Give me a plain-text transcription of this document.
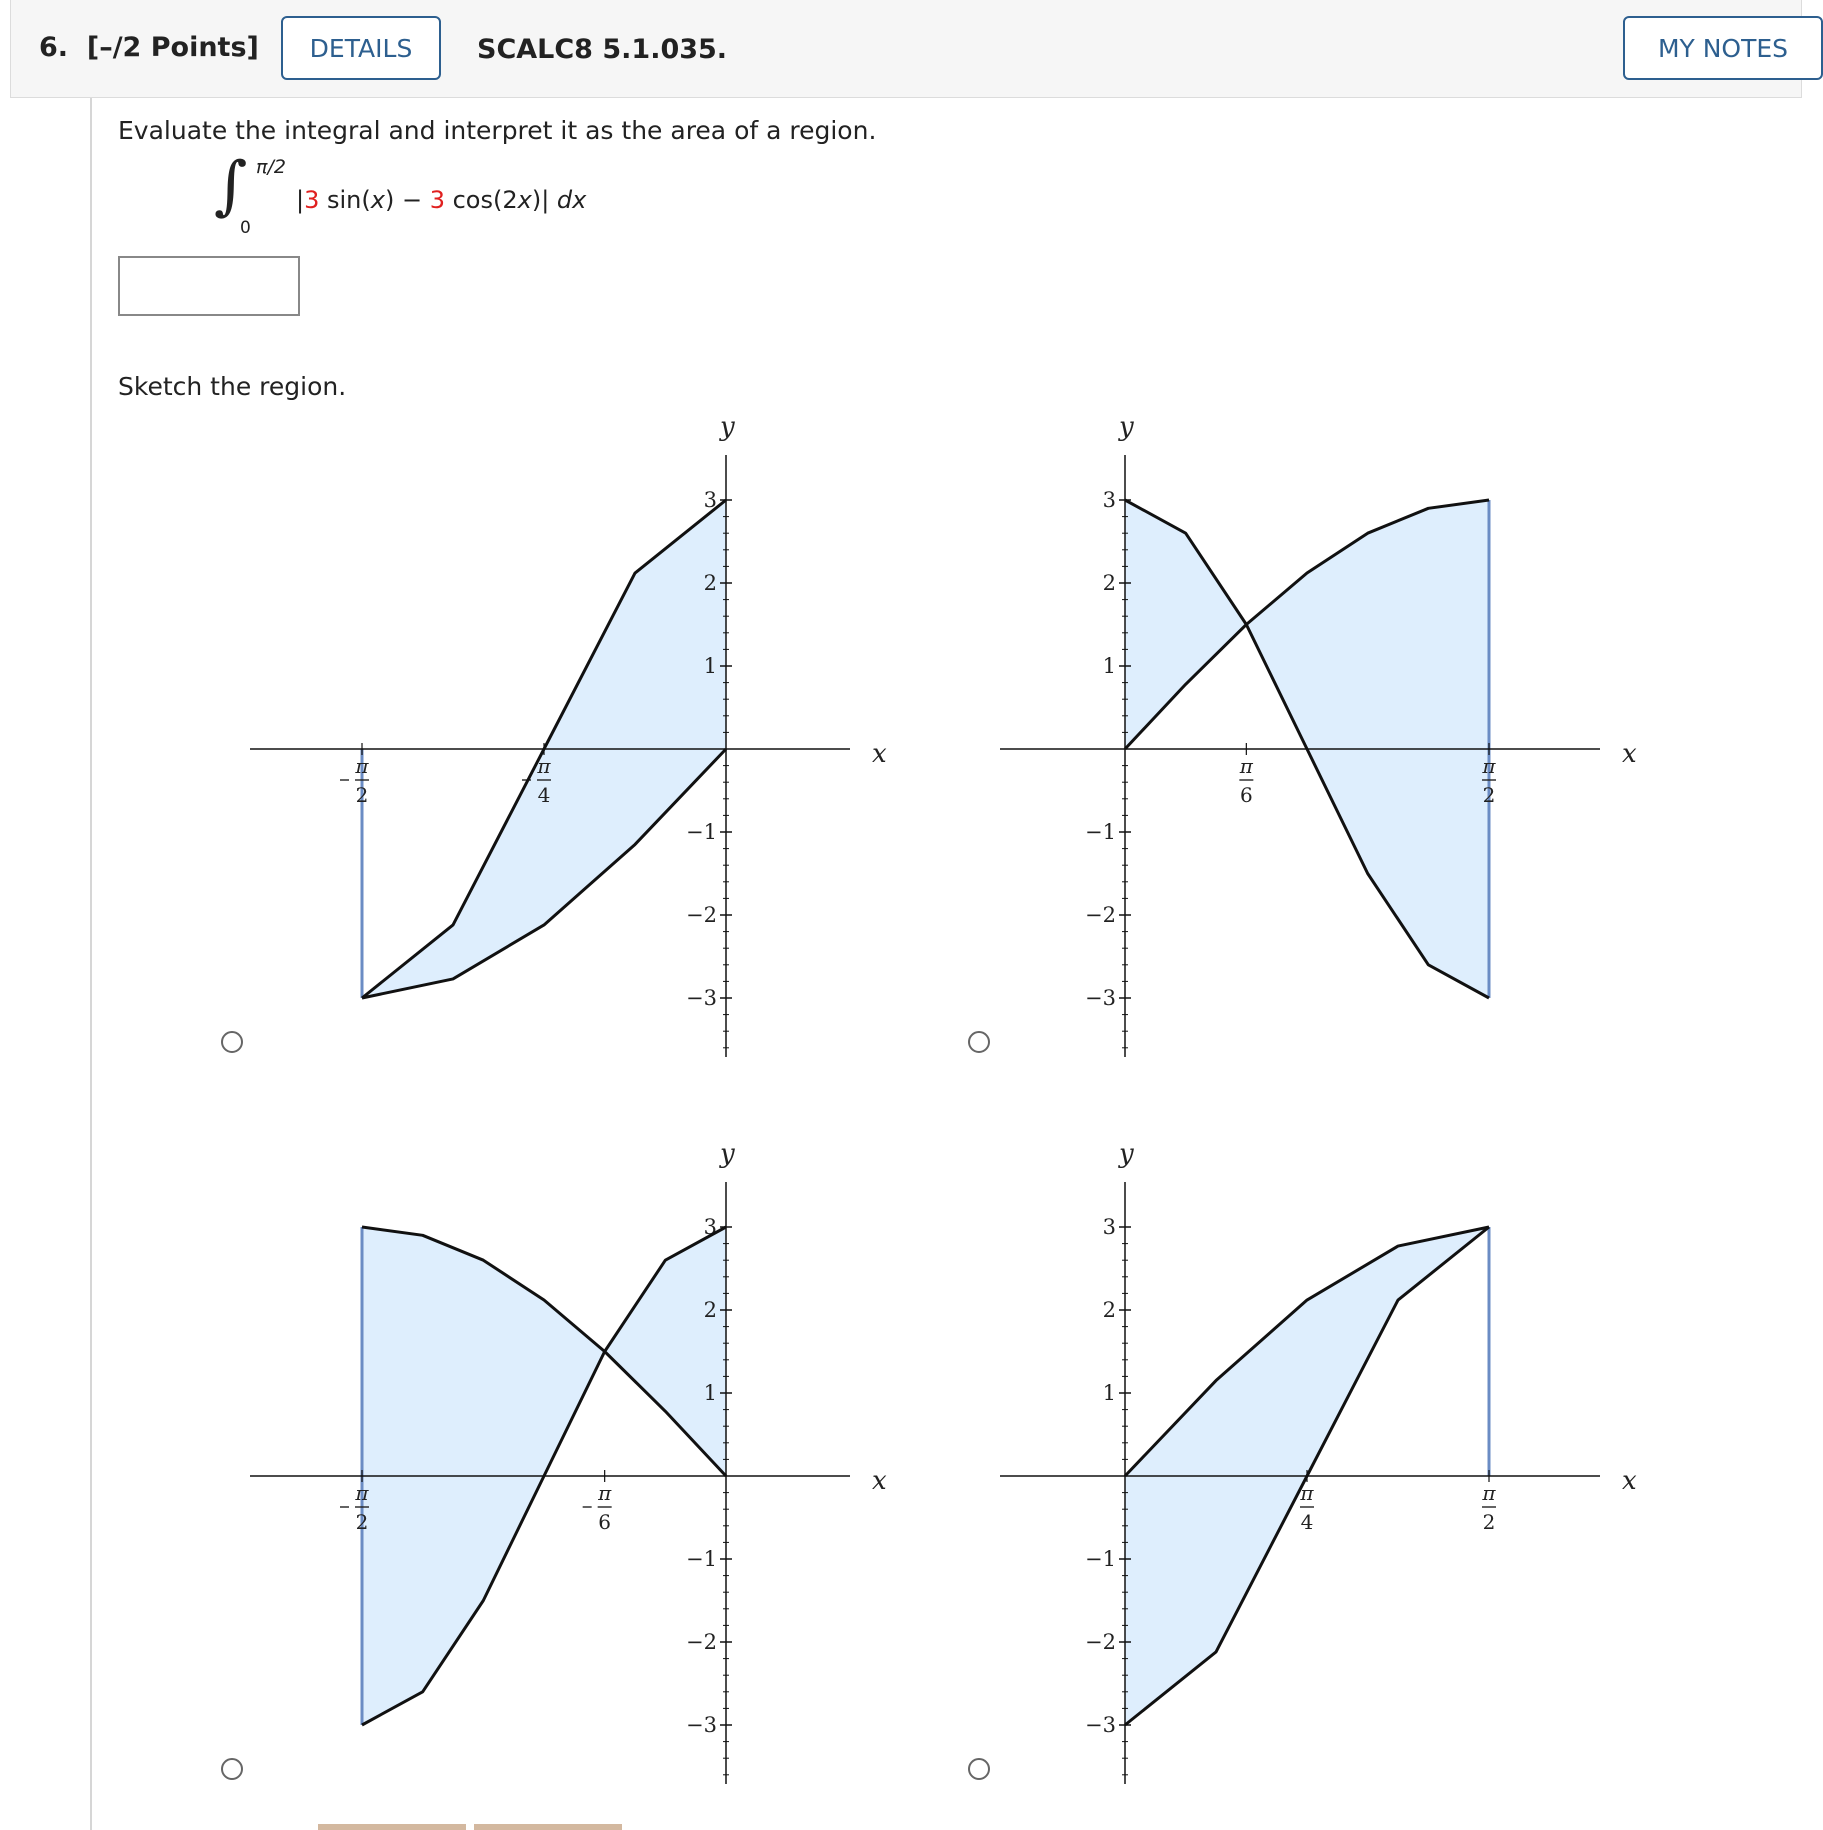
6. [–/2 Points]	DETAILS	SCALC8 5.1.035.	MY NOTES
Evaluate the integral and interpret it as the area of a region.
∫ π/2
0
|3 sin(x) − 3 cos(2x)| dx
Sketch the region.
−3
−2
−1
1
2
3
y
x
π
2
π
4
−3
−2
−1
1
2
3
y
x
π
6
π
2
−3
−2
−1
1
2
3
y
x
π
2
π
6
−3
−2
−1
1
2
3
y
x
π
4
π
2
